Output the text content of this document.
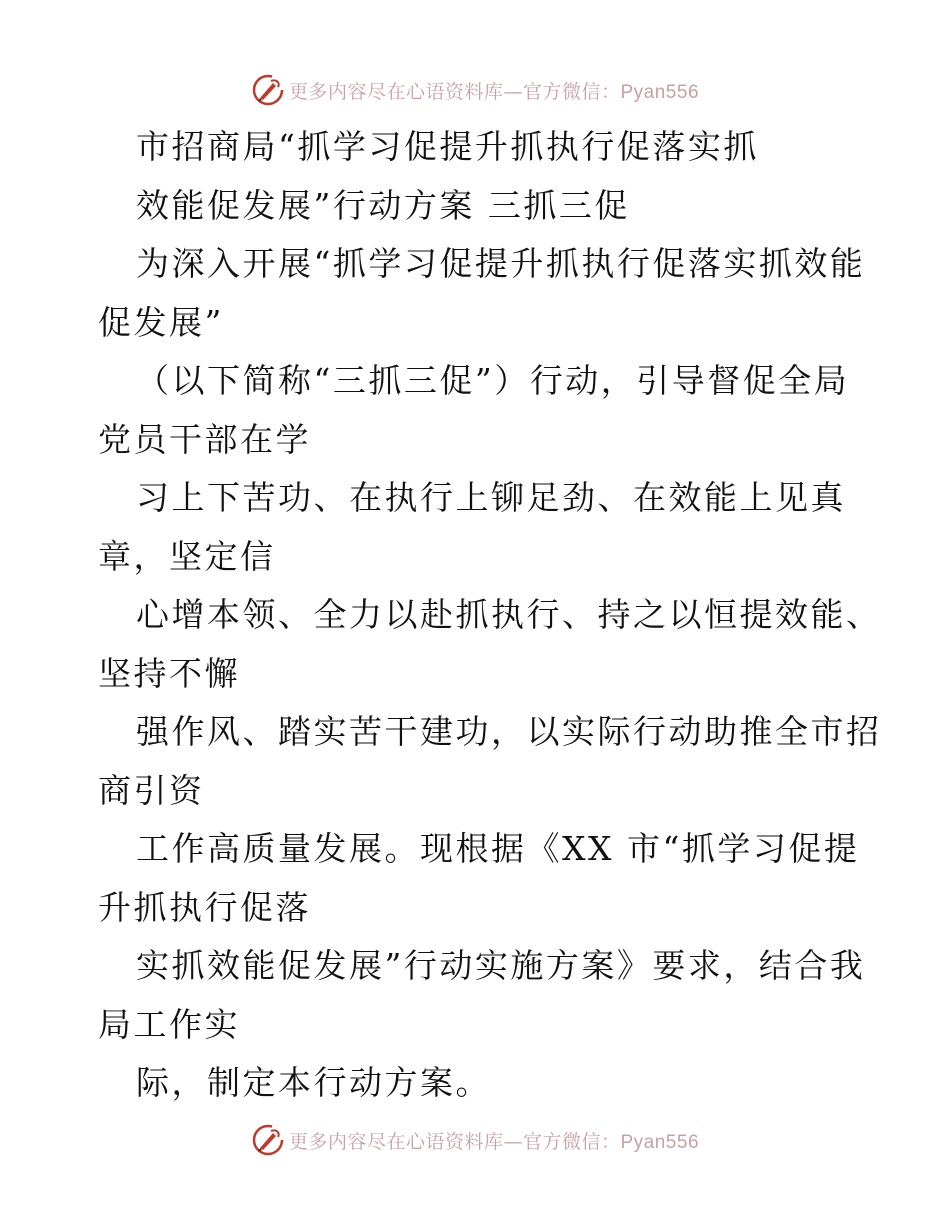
更多内容尽在心语资料库—官方微信：Pyan556
市招商局“抓学习促提升抓执行促落实抓
效能促发展”行动方案 三抓三促
为深入开展“抓学习促提升抓执行促落实抓效能
促发展”
（以下简称“三抓三促”）行动，引导督促全局
党员干部在学
习上下苦功、在执行上铆足劲、在效能上见真
章，坚定信
心增本领、全力以赴抓执行、持之以恒提效能、
坚持不懈
强作风、踏实苦干建功，以实际行动助推全市招
商引资
工作高质量发展。现根据《XX 市“抓学习促提
升抓执行促落
实抓效能促发展”行动实施方案》要求，结合我
局工作实
际，制定本行动方案。
更多内容尽在心语资料库—官方微信：Pyan556
